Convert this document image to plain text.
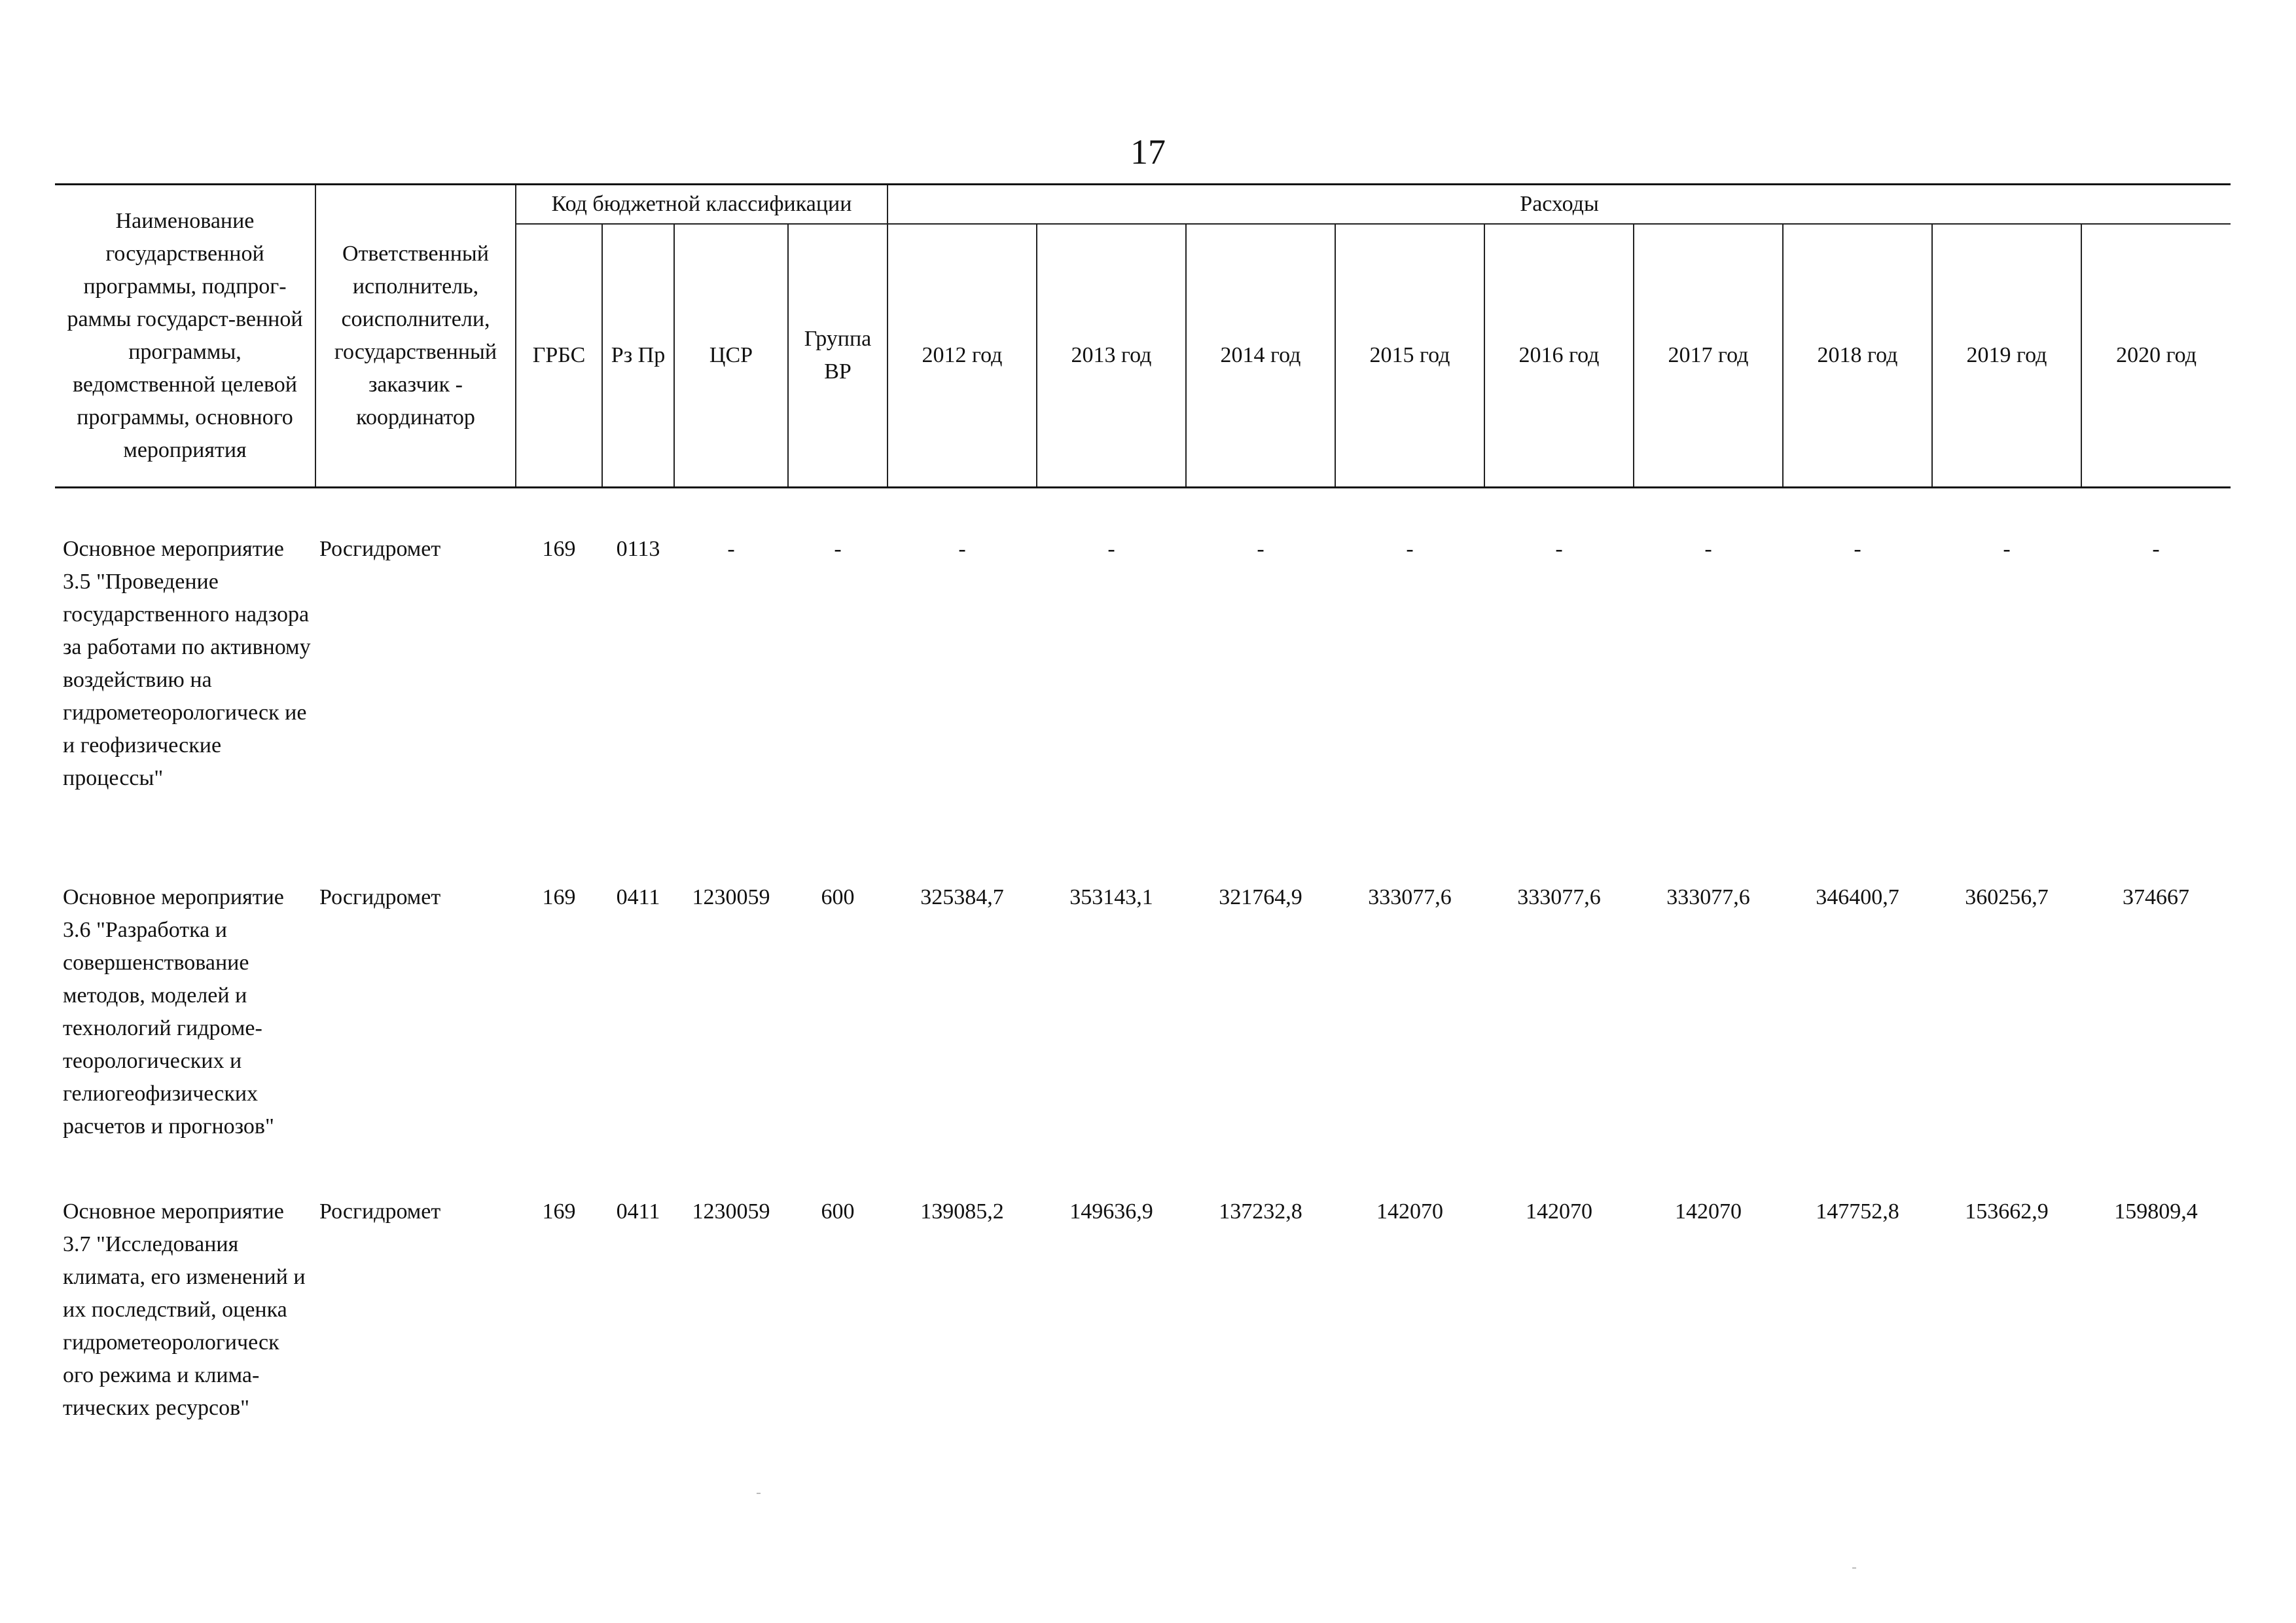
17
Наименование государственной программы, подпрог-раммы государст-венной программы, ведомственной целевой программы, основного мероприятия	Ответственный исполнитель, соисполнители, государственный заказчик - координатор	Код бюджетной классификации				Расходы								
		ГРБС	Рз Пр	ЦСР	Группа ВР	2012 год	2013 год	2014 год	2015 год	2016 год	2017 год	2018 год	2019 год	2020 год

Основное мероприятие 3.5 "Проведение государственного надзора за работами по активному воздействию на гидрометеорологическ ие и геофизические процессы"	Росгидромет	169	0113	-	-	-	-	-	-	-	-	-	-	-
Основное мероприятие 3.6 "Разработка и совершенствование методов, моделей и технологий гидроме-теорологических и гелиогеофизических расчетов и прогнозов"	Росгидромет	169	0411	1230059	600	325384,7	353143,1	321764,9	333077,6	333077,6	333077,6	346400,7	360256,7	374667
Основное мероприятие 3.7 "Исследования климата, его изменений и их последствий, оценка гидрометеорологическ ого режима и клима-тических ресурсов"	Росгидромет	169	0411	1230059	600	139085,2	149636,9	137232,8	142070	142070	142070	147752,8	153662,9	159809,4
